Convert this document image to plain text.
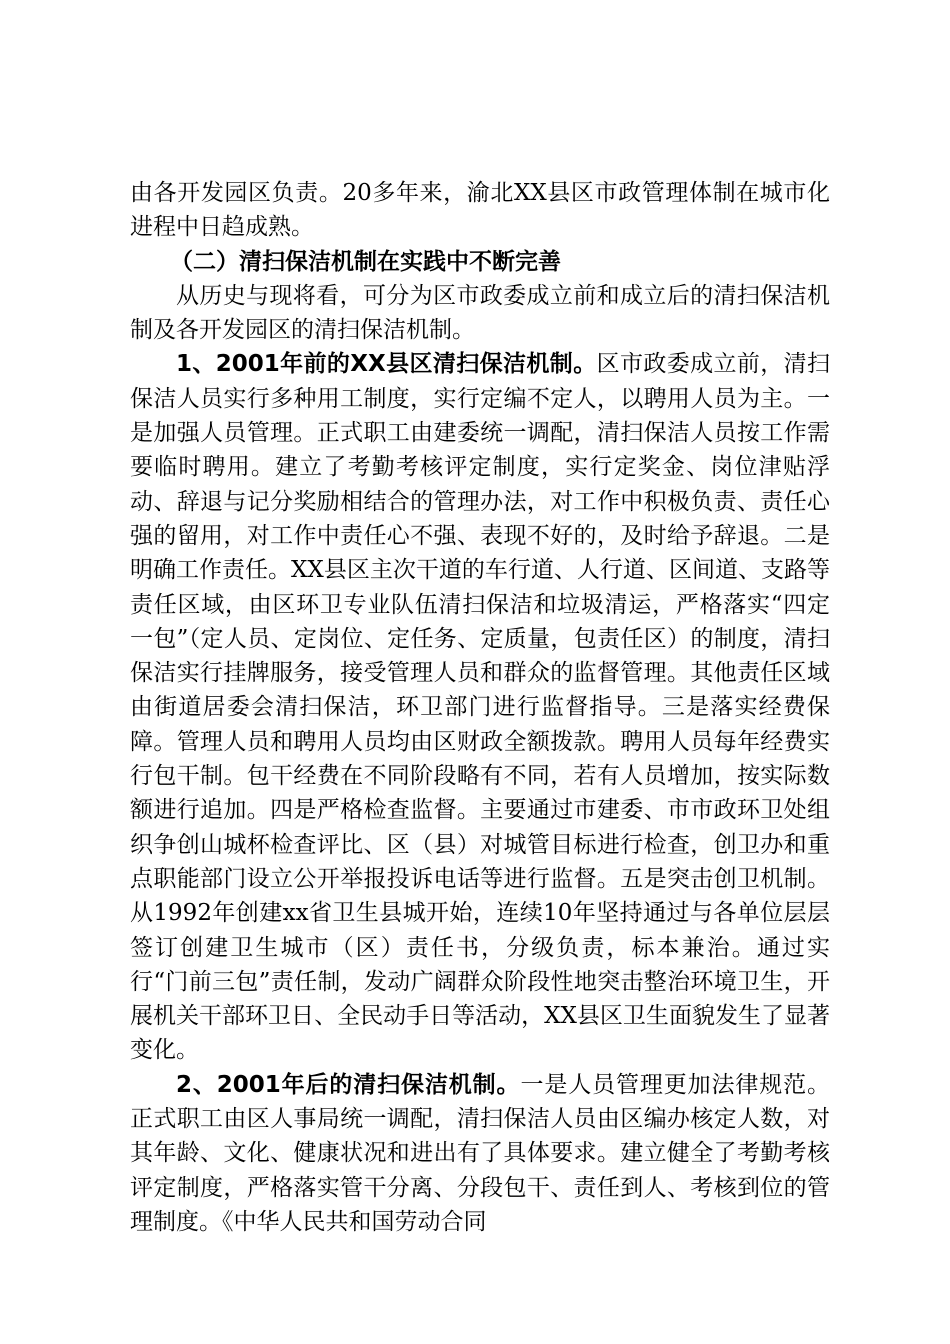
由各开发园区负责。20多年来，渝北XX县区市政管理体制在城市化进程中日趋成熟。

（二）清扫保洁机制在实践中不断完善

从历史与现将看，可分为区市政委成立前和成立后的清扫保洁机制及各开发园区的清扫保洁机制。

1、2001年前的XX县区清扫保洁机制。区市政委成立前，清扫保洁人员实行多种用工制度，实行定编不定人，以聘用人员为主。一是加强人员管理。正式职工由建委统一调配，清扫保洁人员按工作需要临时聘用。建立了考勤考核评定制度，实行定奖金、岗位津贴浮动、辞退与记分奖励相结合的管理办法，对工作中积极负责、责任心强的留用，对工作中责任心不强、表现不好的，及时给予辞退。二是明确工作责任。XX县区主次干道的车行道、人行道、区间道、支路等责任区域，由区环卫专业队伍清扫保洁和垃圾清运，严格落实“四定一包”（定人员、定岗位、定任务、定质量，包责任区）的制度，清扫保洁实行挂牌服务，接受管理人员和群众的监督管理。其他责任区域由街道居委会清扫保洁，环卫部门进行监督指导。三是落实经费保障。管理人员和聘用人员均由区财政全额拨款。聘用人员每年经费实行包干制。包干经费在不同阶段略有不同，若有人员增加，按实际数额进行追加。四是严格检查监督。主要通过市建委、市市政环卫处组织争创山城杯检查评比、区（县）对城管目标进行检查，创卫办和重点职能部门设立公开举报投诉电话等进行监督。五是突击创卫机制。从1992年创建xx省卫生县城开始，连续10年坚持通过与各单位层层签订创建卫生城市（区）责任书，分级负责，标本兼治。通过实行“门前三包”责任制，发动广阔群众阶段性地突击整治环境卫生，开展机关干部环卫日、全民动手日等活动，XX县区卫生面貌发生了显著变化。

2、2001年后的清扫保洁机制。一是人员管理更加法律规范。正式职工由区人事局统一调配，清扫保洁人员由区编办核定人数，对其年龄、文化、健康状况和进出有了具体要求。建立健全了考勤考核评定制度，严格落实管干分离、分段包干、责任到人、考核到位的管理制度。《中华人民共和国劳动合同
